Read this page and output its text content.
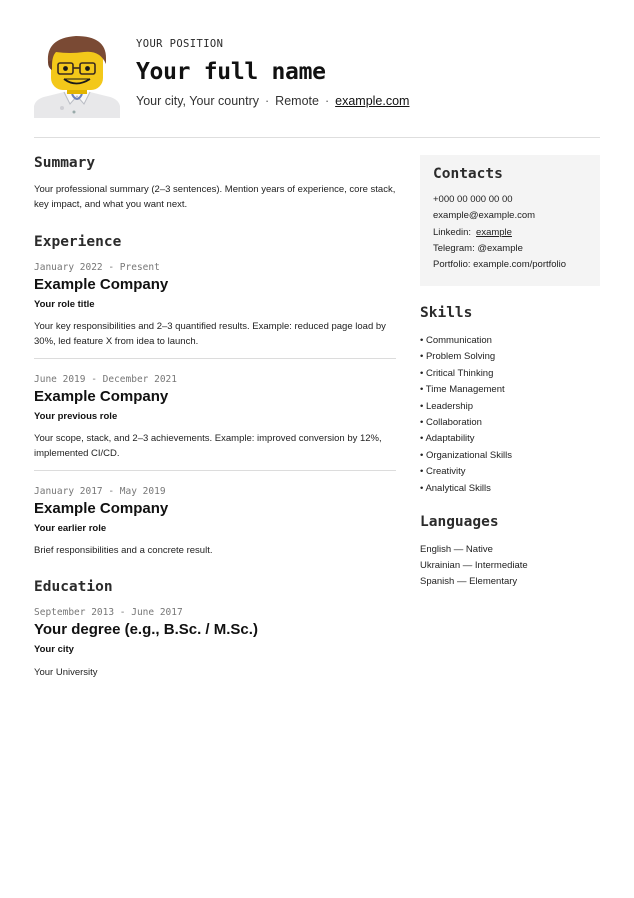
YOUR POSITION
Your full name
Your city, Your country · Remote · example.com
Summary
Your professional summary (2–3 sentences). Mention years of experience, core stack, key impact, and what you want next.
Experience
January 2022 - Present
Example Company
Your role title
Your key responsibilities and 2–3 quantified results. Example: reduced page load by 30%, led feature X from idea to launch.
June 2019 - December 2021
Example Company
Your previous role
Your scope, stack, and 2–3 achievements. Example: improved conversion by 12%, implemented CI/CD.
January 2017 - May 2019
Example Company
Your earlier role
Brief responsibilities and a concrete result.
Education
September 2013 - June 2017
Your degree (e.g., B.Sc. / M.Sc.)
Your city
Your University
Contacts
+000 00 000 00 00
example@example.com
Linkedin: example
Telegram: @example
Portfolio: example.com/portfolio
Skills
• Communication
• Problem Solving
• Critical Thinking
• Time Management
• Leadership
• Collaboration
• Adaptability
• Organizational Skills
• Creativity
• Analytical Skills
Languages
English — Native
Ukrainian — Intermediate
Spanish — Elementary
